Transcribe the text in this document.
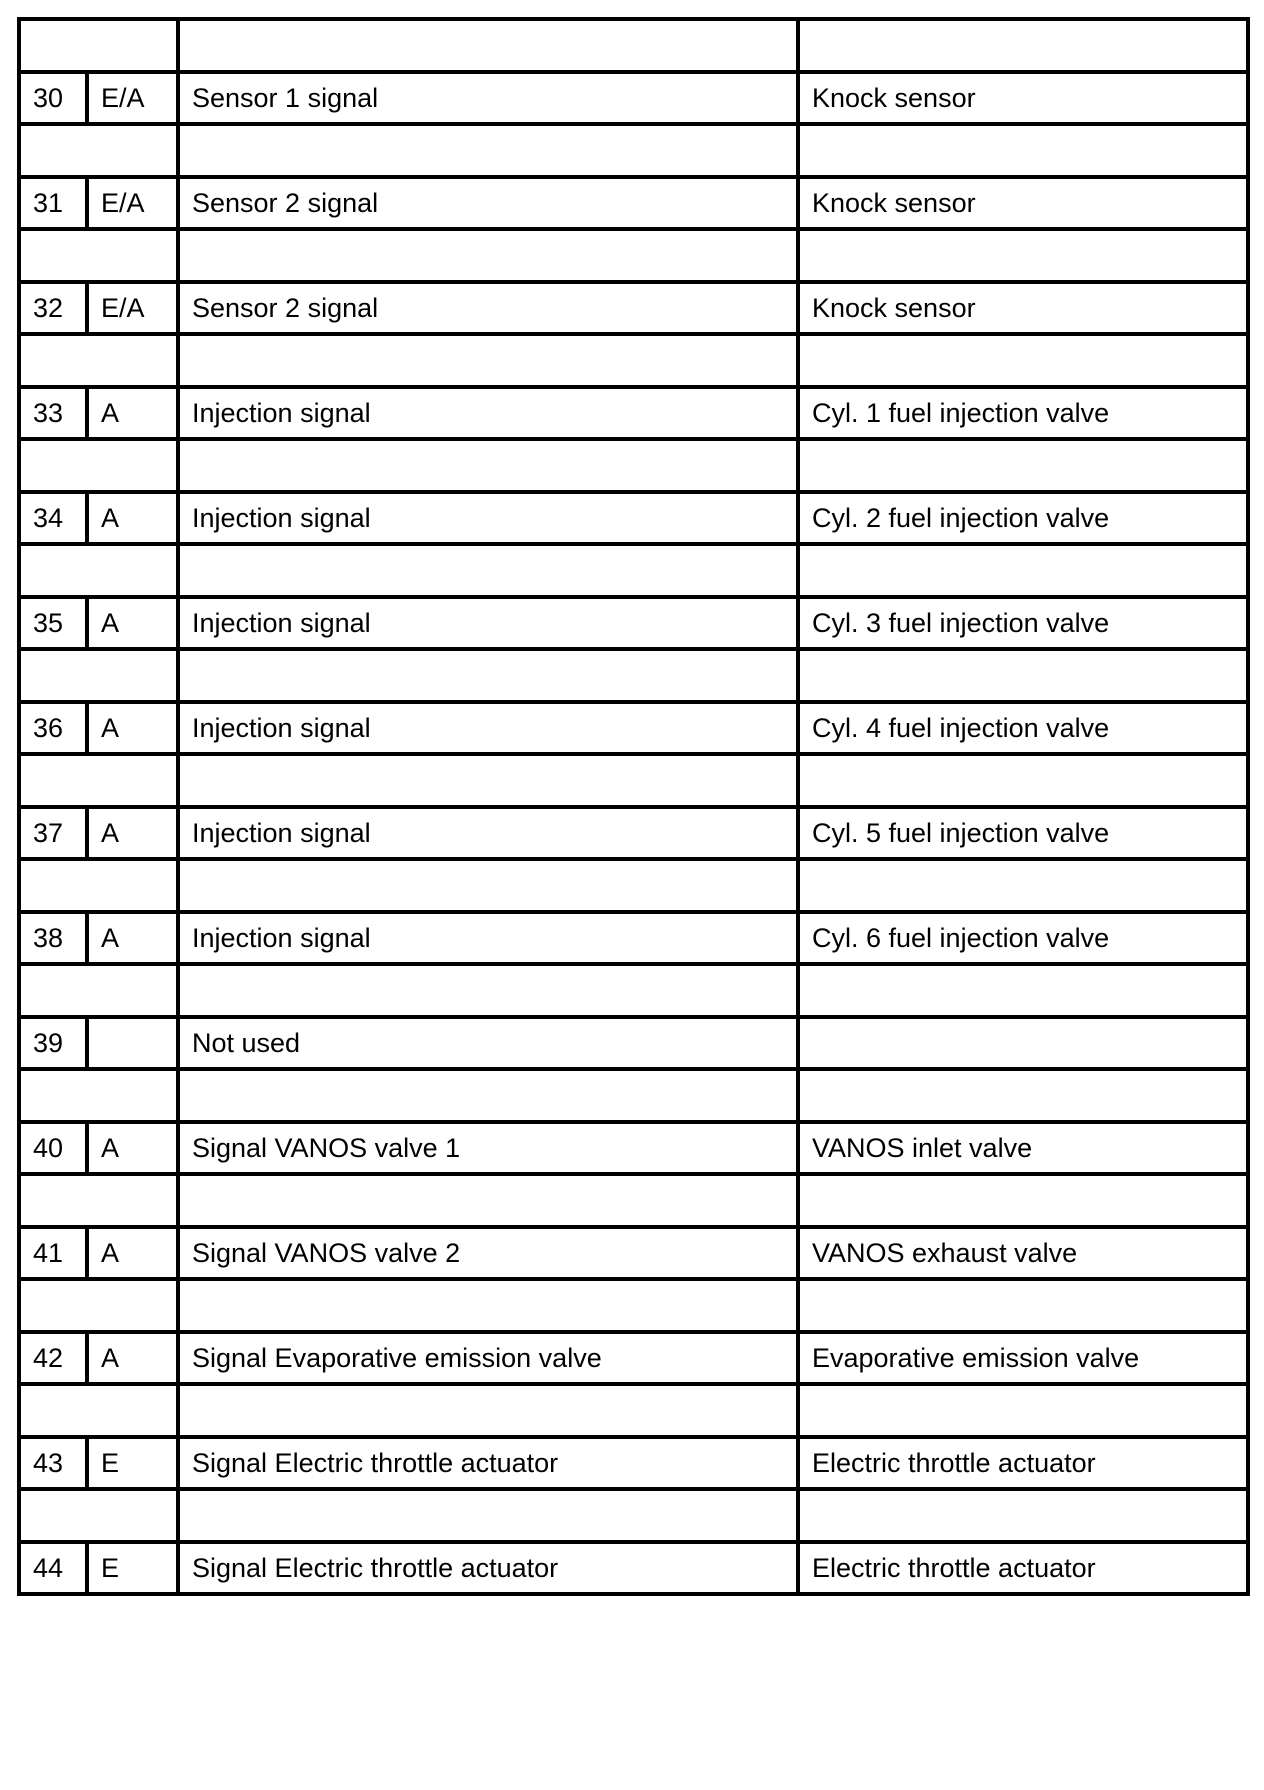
30	E/A	Sensor 1 signal	Knock sensor

31	E/A	Sensor 2 signal	Knock sensor

32	E/A	Sensor 2 signal	Knock sensor

33	A	Injection signal	Cyl. 1 fuel injection valve

34	A	Injection signal	Cyl. 2 fuel injection valve

35	A	Injection signal	Cyl. 3 fuel injection valve

36	A	Injection signal	Cyl. 4 fuel injection valve

37	A	Injection signal	Cyl. 5 fuel injection valve

38	A	Injection signal	Cyl. 6 fuel injection valve

39		Not used	

40	A	Signal VANOS valve 1	VANOS inlet valve

41	A	Signal VANOS valve 2	VANOS exhaust valve

42	A	Signal Evaporative emission valve	Evaporative emission valve

43	E	Signal Electric throttle actuator	Electric throttle actuator

44	E	Signal Electric throttle actuator	Electric throttle actuator
